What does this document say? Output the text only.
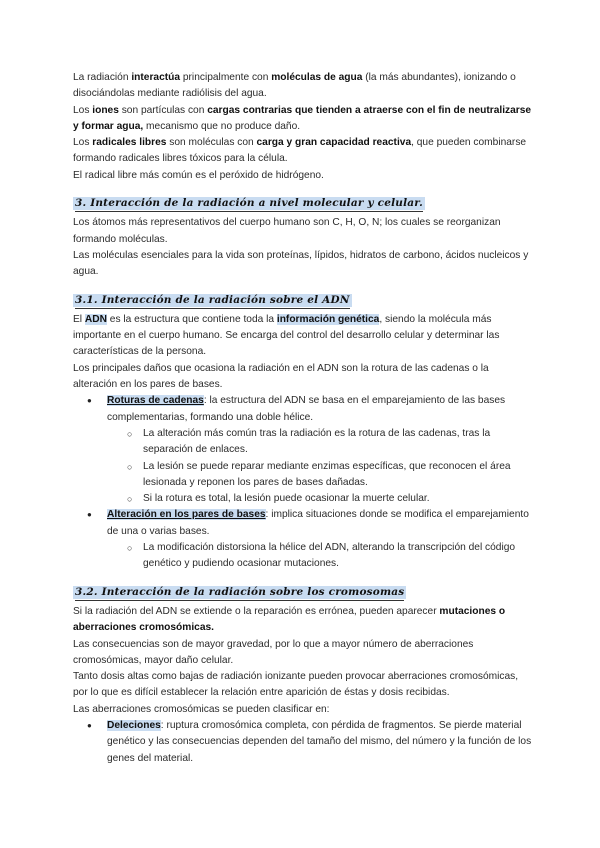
La radiación interactúa principalmente con moléculas de agua (la más abundantes), ionizando o disociándolas mediante radiólisis del agua.

Los iones son partículas con cargas contrarias que tienden a atraerse con el fin de neutralizarse y formar agua, mecanismo que no produce daño.

Los radicales libres son moléculas con carga y gran capacidad reactiva, que pueden combinarse formando radicales libres tóxicos para la célula.

El radical libre más común es el peróxido de hidrógeno.

3. Interacción de la radiación a nivel molecular y celular.

Los átomos más representativos del cuerpo humano son C, H, O, N; los cuales se reorganizan formando moléculas.

Las moléculas esenciales para la vida son proteínas, lípidos, hidratos de carbono, ácidos nucleicos y agua.

3.1. Interacción de la radiación sobre el ADN

El ADN es la estructura que contiene toda la información genética, siendo la molécula más importante en el cuerpo humano. Se encarga del control del desarrollo celular y determinar las características de la persona.

Los principales daños que ocasiona la radiación en el ADN son la rotura de las cadenas o la alteración en los pares de bases.

● Roturas de cadenas: la estructura del ADN se basa en el emparejamiento de las bases complementarias, formando una doble hélice.
○ La alteración más común tras la radiación es la rotura de las cadenas, tras la separación de enlaces.
○ La lesión se puede reparar mediante enzimas específicas, que reconocen el área lesionada y reponen los pares de bases dañadas.
○ Si la rotura es total, la lesión puede ocasionar la muerte celular.
● Alteración en los pares de bases: implica situaciones donde se modifica el emparejamiento de una o varias bases.
○ La modificación distorsiona la hélice del ADN, alterando la transcripción del código genético y pudiendo ocasionar mutaciones.
3.2. Interacción de la radiación sobre los cromosomas

Si la radiación del ADN se extiende o la reparación es errónea, pueden aparecer mutaciones o aberraciones cromosómicas.

Las consecuencias son de mayor gravedad, por lo que a mayor número de aberraciones cromosómicas, mayor daño celular.

Tanto dosis altas como bajas de radiación ionizante pueden provocar aberraciones cromosómicas, por lo que es difícil establecer la relación entre aparición de éstas y dosis recibidas.

Las aberraciones cromosómicas se pueden clasificar en:

● Deleciones: ruptura cromosómica completa, con pérdida de fragmentos. Se pierde material genético y las consecuencias dependen del tamaño del mismo, del número y la función de los genes del material.
